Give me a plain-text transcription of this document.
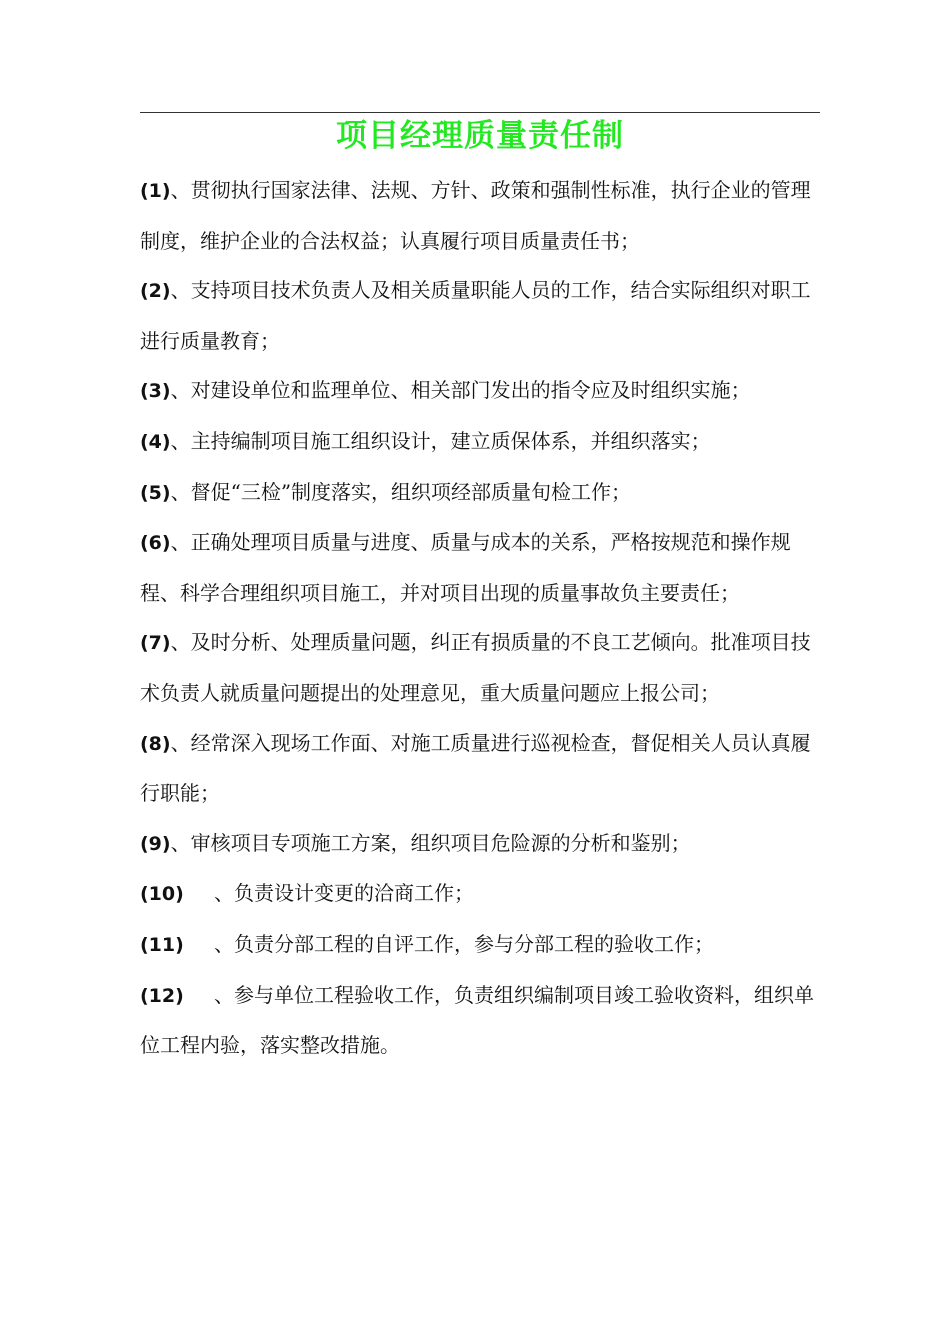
项目经理质量责任制

(1)、贯彻执行国家法律、法规、方针、政策和强制性标准，执行企业的管理制度，维护企业的合法权益；认真履行项目质量责任书；

(2)、支持项目技术负责人及相关质量职能人员的工作，结合实际组织对职工进行质量教育；

(3)、对建设单位和监理单位、相关部门发出的指令应及时组织实施；

(4)、主持编制项目施工组织设计，建立质保体系，并组织落实；

(5)、督促“三检”制度落实，组织项经部质量旬检工作；

(6)、正确处理项目质量与进度、质量与成本的关系，严格按规范和操作规程、科学合理组织项目施工，并对项目出现的质量事故负主要责任；

(7)、及时分析、处理质量问题，纠正有损质量的不良工艺倾向。批准项目技术负责人就质量问题提出的处理意见，重大质量问题应上报公司；

(8)、经常深入现场工作面、对施工质量进行巡视检查，督促相关人员认真履行职能；

(9)、审核项目专项施工方案，组织项目危险源的分析和鉴别；

(10) 、负责设计变更的洽商工作；

(11) 、负责分部工程的自评工作，参与分部工程的验收工作；

(12) 、参与单位工程验收工作，负责组织编制项目竣工验收资料，组织单位工程内验，落实整改措施。
